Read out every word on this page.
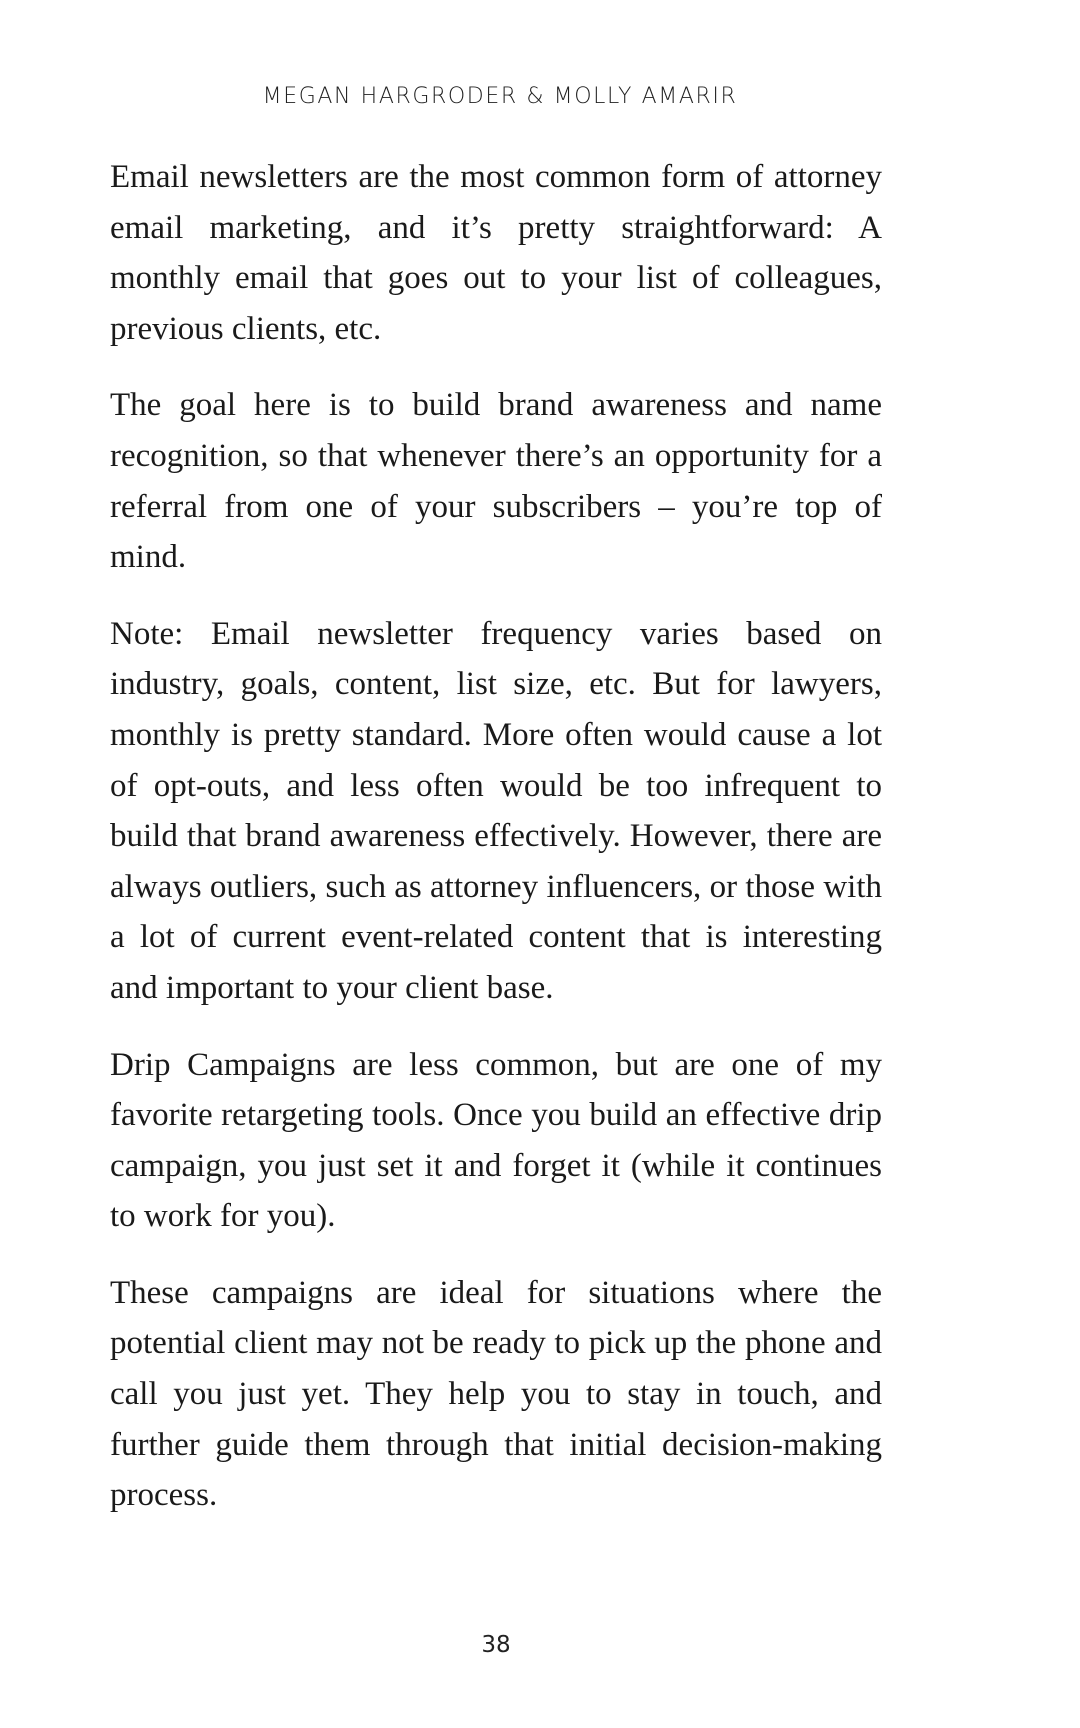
MEGAN HARGRODER & MOLLY AMARIR

Email newsletters are the most common form of attorney email marketing, and it’s pretty straightforward: A monthly email that goes out to your list of colleagues, previous clients, etc.

The goal here is to build brand awareness and name recognition, so that whenever there’s an opportunity for a referral from one of your subscribers – you’re top of mind.

Note: Email newsletter frequency varies based on industry, goals, content, list size, etc. But for lawyers, monthly is pretty standard. More often would cause a lot of opt-outs, and less often would be too infrequent to build that brand awareness effectively. However, there are always outliers, such as attorney influencers, or those with a lot of current event-related content that is interesting and important to your client base.

Drip Campaigns are less common, but are one of my favorite retargeting tools. Once you build an effective drip campaign, you just set it and forget it (while it continues to work for you).

These campaigns are ideal for situations where the potential client may not be ready to pick up the phone and call you just yet. They help you to stay in touch, and further guide them through that initial decision-making process.

38
